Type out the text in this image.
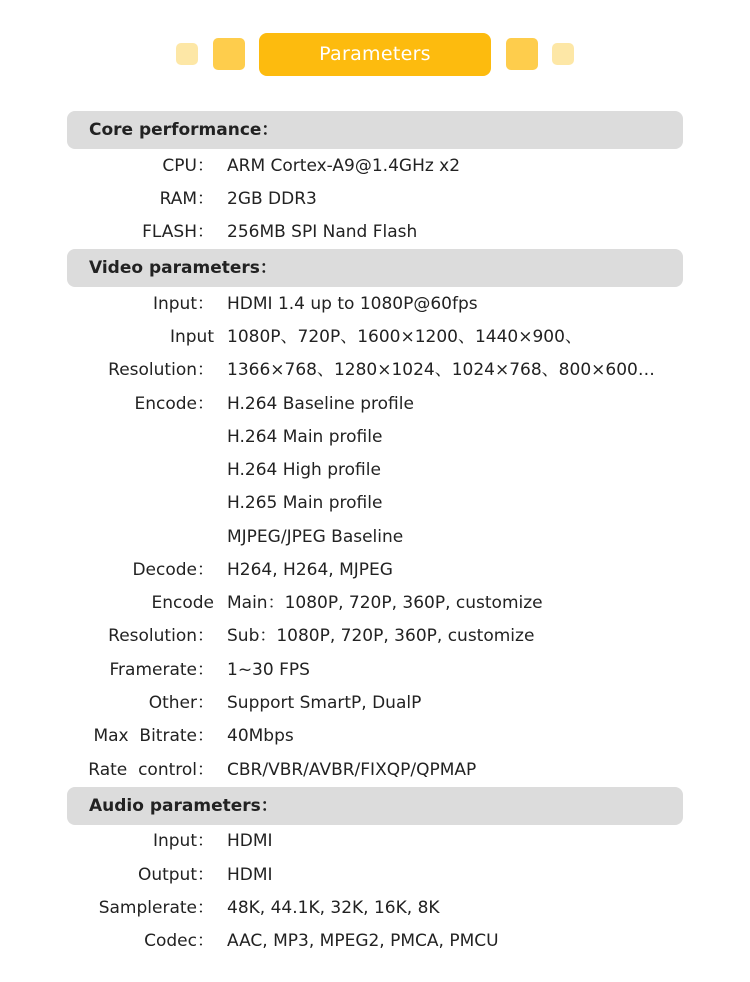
Parameters
Core performance：
CPU： ARM Cortex-A9@1.4GHz x2
RAM： 2GB DDR3
FLASH： 256MB SPI Nand Flash
Video parameters：
Input： HDMI 1.4 up to 1080P@60fps
Input 1080P、720P、1600×1200、1440×900、
Resolution： 1366×768、1280×1024、1024×768、800×600…
Encode： H.264 Baseline profile
H.264 Main profile
H.264 High profile
H.265 Main profile
MJPEG/JPEG Baseline
Decode： H264, H264, MJPEG
Encode Main：1080P, 720P, 360P, customize
Resolution： Sub：1080P, 720P, 360P, customize
Framerate： 1~30 FPS
Other： Support SmartP, DualP
Max  Bitrate： 40Mbps
Rate  control： CBR/VBR/AVBR/FIXQP/QPMAP
Audio parameters：
Input： HDMI
Output： HDMI
Samplerate： 48K, 44.1K, 32K, 16K, 8K
Codec： AAC, MP3, MPEG2, PMCA, PMCU
